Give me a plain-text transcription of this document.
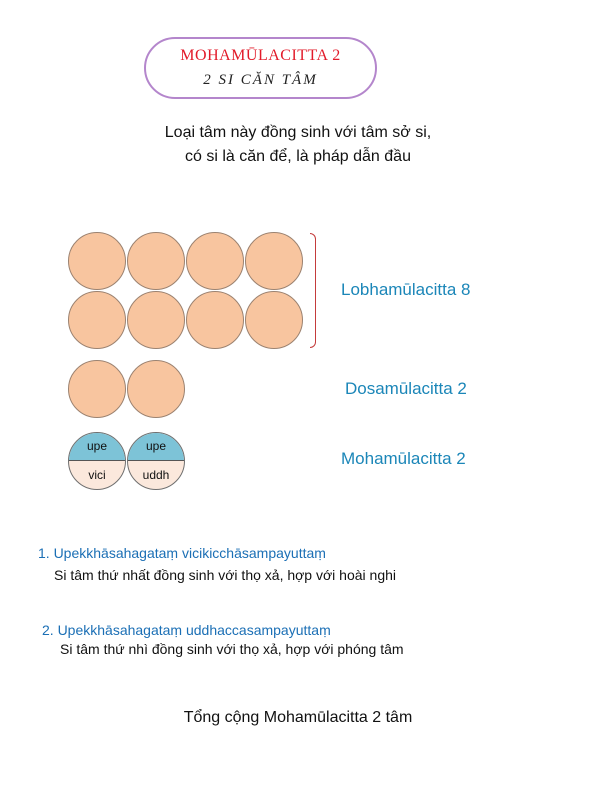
MOHAMŪLACITTA 2
2 SI CĂN TÂM
Loại tâm này đồng sinh với tâm sở si,
có si là căn để, là pháp dẫn đầu
Lobhamūlacitta 8
Dosamūlacitta 2
upe
vici
upe
uddh
Mohamūlacitta 2
1. Upekkhāsahagataṃ vicikicchāsampayuttaṃ
Si tâm thứ nhất đồng sinh với thọ xả, hợp với hoài nghi
2. Upekkhāsahagataṃ uddhaccasampayuttaṃ
Si tâm thứ nhì đồng sinh với thọ xả, hợp với phóng tâm
Tổng cộng Mohamūlacitta 2 tâm
